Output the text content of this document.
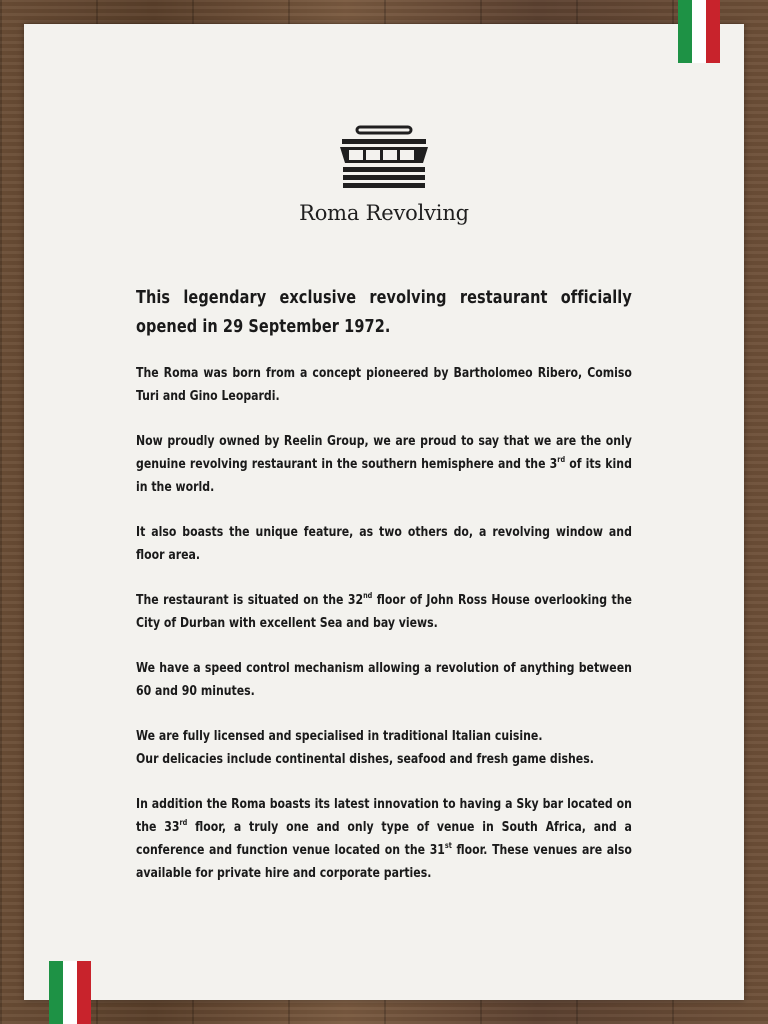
Roma Revolving

This legendary exclusive revolving restaurant officially opened in 29 September 1972.

The Roma was born from a concept pioneered by Bartholomeo Ribero, Comiso Turi and Gino Leopardi.

Now proudly owned by Reelin Group, we are proud to say that we are the only genuine revolving restaurant in the southern hemisphere and the 3rd of its kind in the world.

It also boasts the unique feature, as two others do, a revolving window and floor area.

The restaurant is situated on the 32nd floor of John Ross House overlooking the City of Durban with excellent Sea and bay views.

We have a speed control mechanism allowing a revolution of anything between 60 and 90 minutes.

We are fully licensed and specialised in traditional Italian cuisine.
Our delicacies include continental dishes, seafood and fresh game dishes.

In addition the Roma boasts its latest innovation to having a Sky bar located on the 33rd floor, a truly one and only type of venue in South Africa, and a conference and function venue located on the 31st floor. These venues are also available for private hire and corporate parties.
